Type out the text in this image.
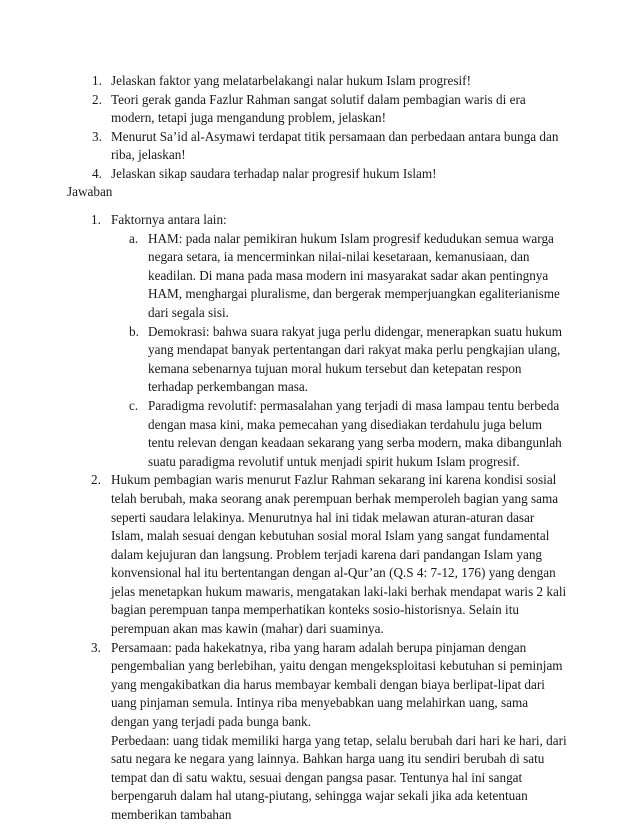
1. Jelaskan faktor yang melatarbelakangi nalar hukum Islam progresif!
2. Teori gerak ganda Fazlur Rahman sangat solutif dalam pembagian waris di era modern, tetapi juga mengandung problem, jelaskan!
3. Menurut Sa’id al-Asymawi terdapat titik persamaan dan perbedaan antara bunga dan riba, jelaskan!
4. Jelaskan sikap saudara terhadap nalar progresif hukum Islam!
Jawaban
1. Faktornya antara lain:
a. HAM: pada nalar pemikiran hukum Islam progresif kedudukan semua warga negara setara, ia mencerminkan nilai-nilai kesetaraan, kemanusiaan, dan keadilan. Di mana pada masa modern ini masyarakat sadar akan pentingnya HAM, menghargai pluralisme, dan bergerak memperjuangkan egaliterianisme dari segala sisi.
b. Demokrasi: bahwa suara rakyat juga perlu didengar, menerapkan suatu hukum yang mendapat banyak pertentangan dari rakyat maka perlu pengkajian ulang, kemana sebenarnya tujuan moral hukum tersebut dan ketepatan respon terhadap perkembangan masa.
c. Paradigma revolutif: permasalahan yang terjadi di masa lampau tentu berbeda dengan masa kini, maka pemecahan yang disediakan terdahulu juga belum tentu relevan dengan keadaan sekarang yang serba modern, maka dibangunlah suatu paradigma revolutif untuk menjadi spirit hukum Islam progresif.
2. Hukum pembagian waris menurut Fazlur Rahman sekarang ini karena kondisi sosial telah berubah, maka seorang anak perempuan berhak memperoleh bagian yang sama seperti saudara lelakinya. Menurutnya hal ini tidak melawan aturan-aturan dasar Islam, malah sesuai dengan kebutuhan sosial moral Islam yang sangat fundamental dalam kejujuran dan langsung. Problem terjadi karena dari pandangan Islam yang konvensional hal itu bertentangan dengan al-Qur’an (Q.S 4: 7-12, 176) yang dengan jelas menetapkan hukum mawaris, mengatakan laki-laki berhak mendapat waris 2 kali bagian perempuan tanpa memperhatikan konteks sosio-historisnya. Selain itu perempuan akan mas kawin (mahar) dari suaminya.
3. Persamaan: pada hakekatnya, riba yang haram adalah berupa pinjaman dengan pengembalian yang berlebihan, yaitu dengan mengeksploitasi kebutuhan si peminjam yang mengakibatkan dia harus membayar kembali dengan biaya berlipat-lipat dari uang pinjaman semula. Intinya riba menyebabkan uang melahirkan uang, sama dengan yang terjadi pada bunga bank.

Perbedaan: uang tidak memiliki harga yang tetap, selalu berubah dari hari ke hari, dari satu negara ke negara yang lainnya. Bahkan harga uang itu sendiri berubah di satu tempat dan di satu waktu, sesuai dengan pangsa pasar. Tentunya hal ini sangat berpengaruh dalam hal utang-piutang, sehingga wajar sekali jika ada ketentuan memberikan tambahan
